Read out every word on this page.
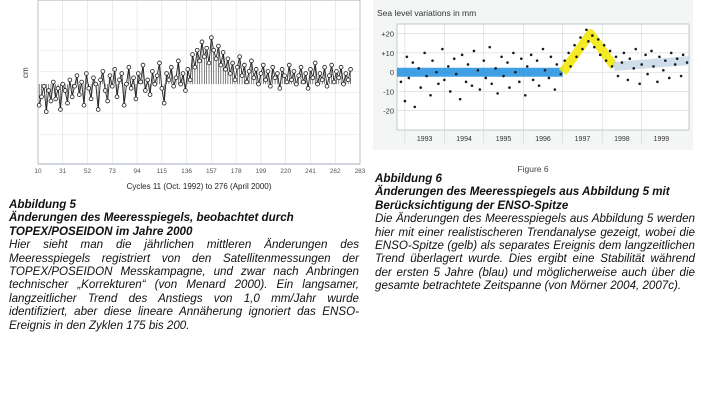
10	31	52	73	94 115 136 157 178 199 220 241 262 283
cm
Cycles 11 (Oct. 1992) to 276 (April 2000)
Sea level variations in mm
+20
+10
0
-10
-20
1993	1994	1995	1996	1997	1998	1999
Figure 6
Abbildung 5
Änderungen des Meeresspiegels, beobachtet durch TOPEX/POSEIDON im Jahre 2000

Hier sieht man die jährlichen mittleren Änderungen des Meeresspiegels registriert von den Satellitenmessungen der TOPEX/POSEIDON Messkampagne, und zwar nach Anbringen technischer „Korrekturen“ (von Menard 2000). Ein langsamer, langzeitlicher Trend des Anstiegs von 1,0 mm/Jahr wurde identifiziert, aber diese lineare Annäherung ignoriert das ENSO-Ereignis in den Zyklen 175 bis 200.

Abbildung 6
Änderungen des Meeresspiegels aus Abbildung 5 mit Berücksichtigung der ENSO-Spitze

Die Änderungen des Meeresspiegels aus Abbildung 5 werden hier mit einer realistischeren Trendanalyse gezeigt, wobei die ENSO-Spitze (gelb) als separates Ereignis dem langzeitlichen Trend überlagert wurde. Dies ergibt eine Stabilität während der ersten 5 Jahre (blau) und möglicherweise auch über die gesamte betrachtete Zeitspanne (von Mörner 2004, 2007c).
